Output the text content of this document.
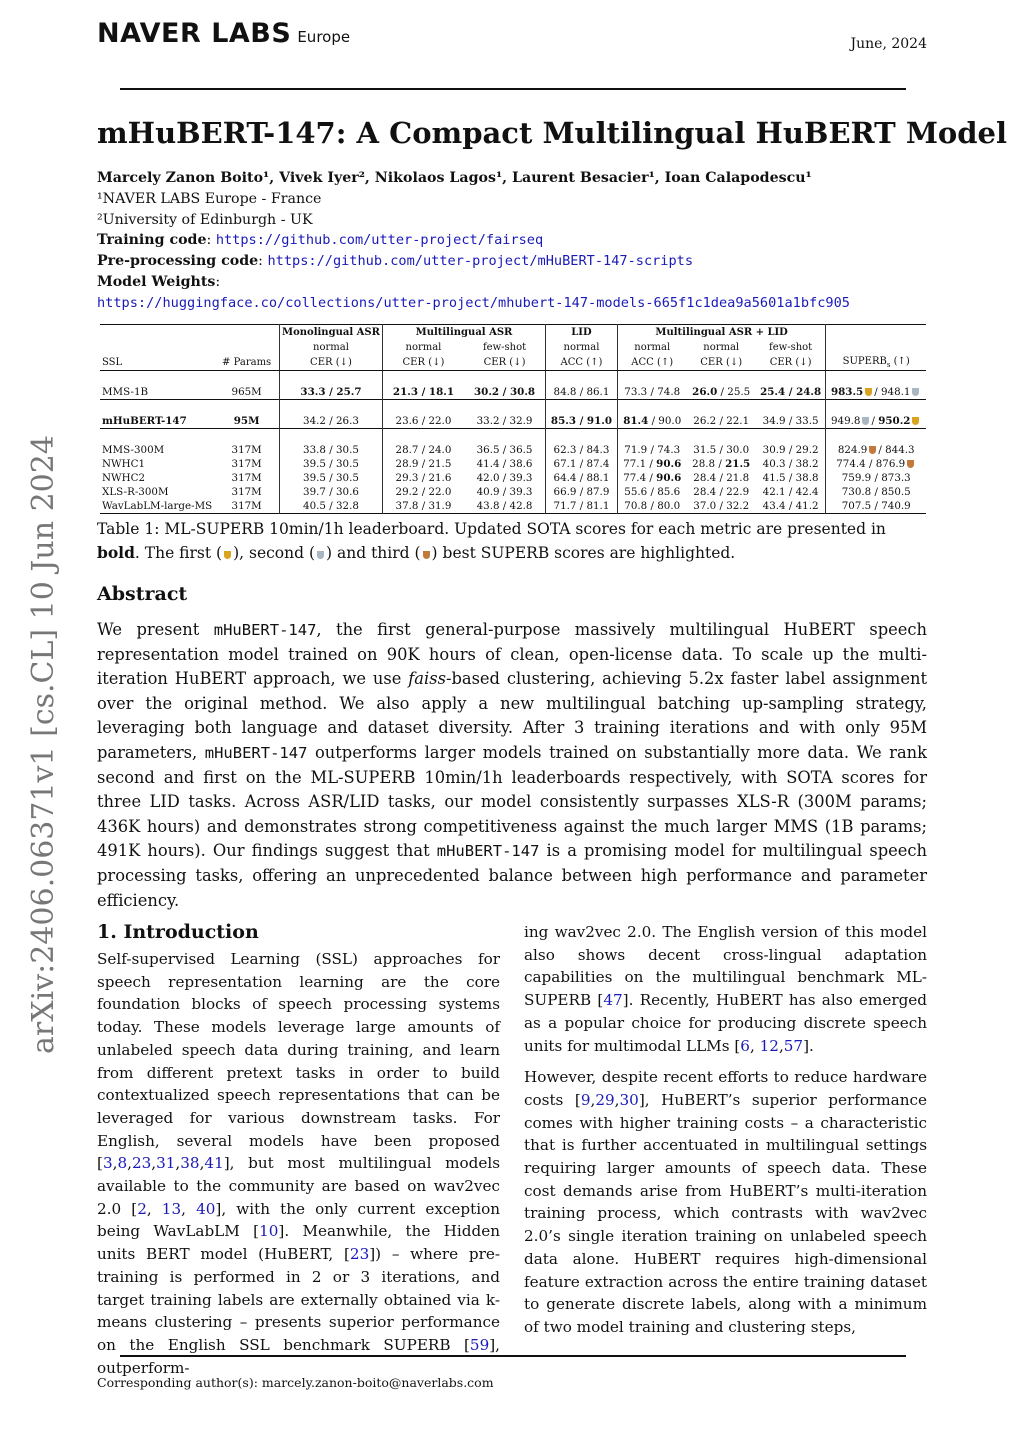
NAVER LABS Europe	June, 2024
arXiv:2406.06371v1 [cs.CL] 10 Jun 2024
mHuBERT-147: A Compact Multilingual HuBERT Model
Marcely Zanon Boito¹, Vivek Iyer², Nikolaos Lagos¹, Laurent Besacier¹, Ioan Calapodescu¹
¹NAVER LABS Europe - France
²University of Edinburgh - UK
Training code: https://github.com/utter-project/fairseq
Pre-processing code: https://github.com/utter-project/mHuBERT-147-scripts
Model Weights:
https://huggingface.co/collections/utter-project/mhubert-147-models-665f1c1dea9a5601a1bfc905
		Monolingual ASR	Multilingual ASR		LID	Multilingual ASR + LID			
		normal	normal	few-shot	normal	normal	normal	few-shot	
SSL	# Params	CER (↓)	CER (↓)	CER (↓)	ACC (↑)	ACC (↑)	CER (↓)	CER (↓)	$SUPERB_s$ (↑)

MMS-1B	965M	33.3 / 25.7	21.3 / 18.1	30.2 / 30.8	84.8 / 86.1	73.3 / 74.8	26.0 / 25.5	25.4 / 24.8	983.5 / 948.1

mHuBERT-147	95M	34.2 / 26.3	23.6 / 22.0	33.2 / 32.9	85.3 / 91.0	81.4 / 90.0	26.2 / 22.1	34.9 / 33.5	949.8 / 950.2

MMS-300M	317M	33.8 / 30.5	28.7 / 24.0	36.5 / 36.5	62.3 / 84.3	71.9 / 74.3	31.5 / 30.0	30.9 / 29.2	824.9 / 844.3
NWHC1	317M	39.5 / 30.5	28.9 / 21.5	41.4 / 38.6	67.1 / 87.4	77.1 / 90.6	28.8 / 21.5	40.3 / 38.2	774.4 / 876.9
NWHC2	317M	39.5 / 30.5	29.3 / 21.6	42.0 / 39.3	64.4 / 88.1	77.4 / 90.6	28.4 / 21.8	41.5 / 38.8	759.9 / 873.3
XLS-R-300M	317M	39.7 / 30.6	29.2 / 22.0	40.9 / 39.3	66.9 / 87.9	55.6 / 85.6	28.4 / 22.9	42.1 / 42.4	730.8 / 850.5
WavLabLM-large-MS	317M	40.5 / 32.8	37.8 / 31.9	43.8 / 42.8	71.7 / 81.1	70.8 / 80.0	37.0 / 32.2	43.4 / 41.2	707.5 / 740.9
Table 1: ML-SUPERB 10min/1h leaderboard. Updated SOTA scores for each metric are presented in bold. The first ( ), second ( ) and third ( ) best SUPERB scores are highlighted.
Abstract
We present mHuBERT-147, the first general-purpose massively multilingual HuBERT speech representation model trained on 90K hours of clean, open-license data. To scale up the multi-iteration HuBERT approach, we use faiss-based clustering, achieving 5.2x faster label assignment over the original method. We also apply a new multilingual batching up-sampling strategy, leveraging both language and dataset diversity. After 3 training iterations and with only 95M parameters, mHuBERT-147 outperforms larger models trained on substantially more data. We rank second and first on the ML-SUPERB 10min/1h leaderboards respectively, with SOTA scores for three LID tasks. Across ASR/LID tasks, our model consistently surpasses XLS-R (300M params; 436K hours) and demonstrates strong competitiveness against the much larger MMS (1B params; 491K hours). Our findings suggest that mHuBERT-147 is a promising model for multilingual speech processing tasks, offering an unprecedented balance between high performance and parameter efficiency.
1. Introduction
Self-supervised Learning (SSL) approaches for speech representation learning are the core foundation blocks of speech processing systems today. These models leverage large amounts of unlabeled speech data during training, and learn from different pretext tasks in order to build contextualized speech representations that can be leveraged for various downstream tasks. For English, several models have been proposed [3,8,23,31,38,41], but most multilingual models available to the community are based on wav2vec 2.0 [2, 13, 40], with the only current exception being WavLabLM [10]. Meanwhile, the Hidden units BERT model (HuBERT, [23]) – where pre-training is performed in 2 or 3 iterations, and target training labels are externally obtained via k-means clustering – presents superior performance on the English SSL benchmark SUPERB [59], outperform-
ing wav2vec 2.0. The English version of this model also shows decent cross-lingual adaptation capabilities on the multilingual benchmark ML-SUPERB [47]. Recently, HuBERT has also emerged as a popular choice for producing discrete speech units for multimodal LLMs [6, 12,57].
However, despite recent efforts to reduce hardware costs [9,29,30], HuBERT’s superior performance comes with higher training costs – a characteristic that is further accentuated in multilingual settings requiring larger amounts of speech data. These cost demands arise from HuBERT’s multi-iteration training process, which contrasts with wav2vec 2.0’s single iteration training on unlabeled speech data alone. HuBERT requires high-dimensional feature extraction across the entire training dataset to generate discrete labels, along with a minimum of two model training and clustering steps,
Corresponding author(s): marcely.zanon-boito@naverlabs.com
